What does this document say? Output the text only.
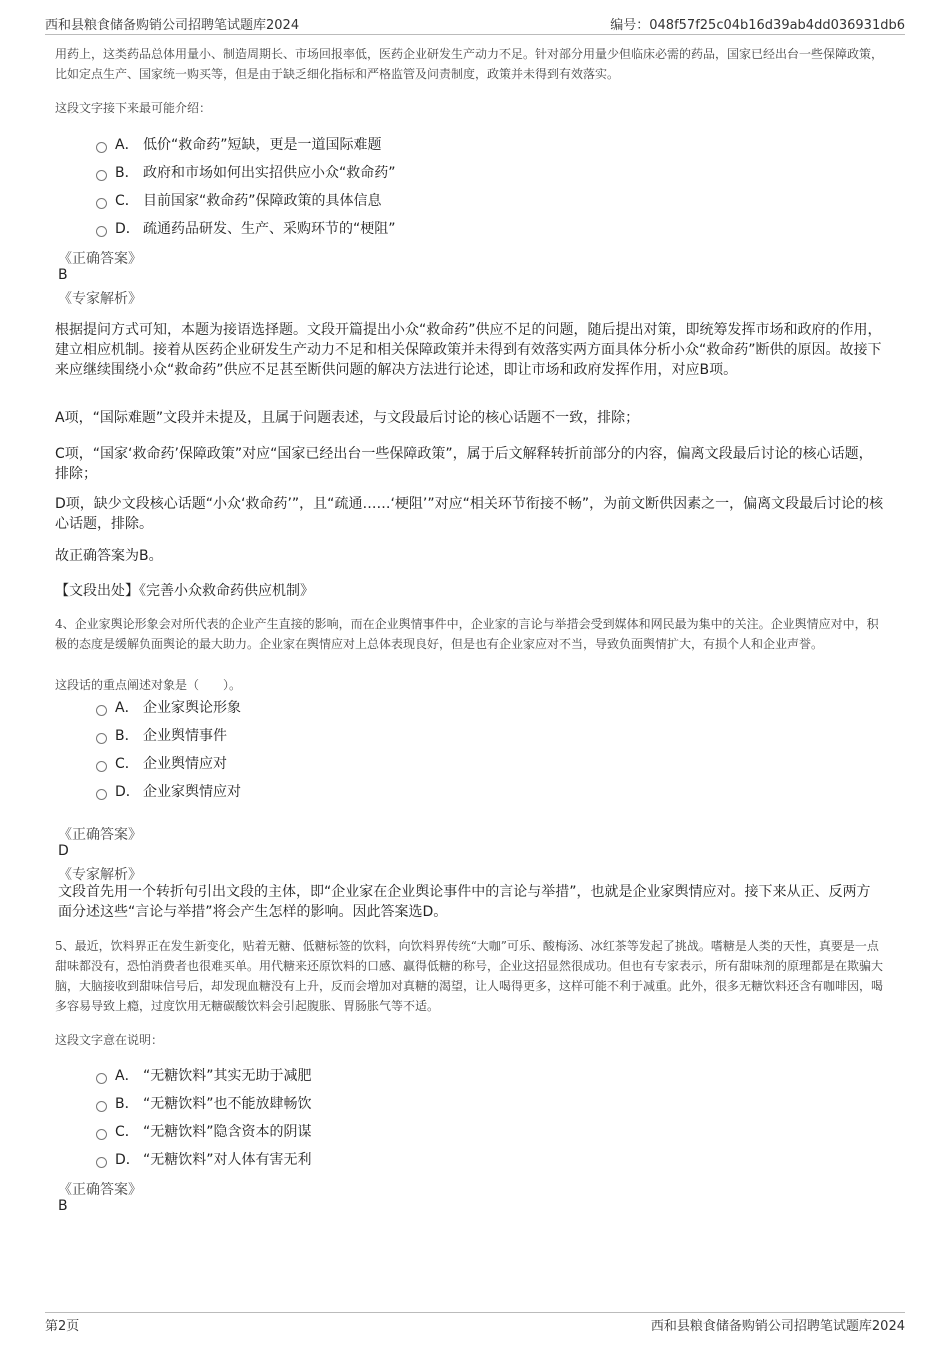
西和县粮食储备购销公司招聘笔试题库2024	编号：048f57f25c04b16d39ab4dd036931db6
用药上，这类药品总体用量小、制造周期长、市场回报率低，医药企业研发生产动力不足。针对部分用量少但临床必需的药品，国家已经出台一些保障政策，比如定点生产、国家统一购买等，但是由于缺乏细化指标和严格监管及问责制度，政策并未得到有效落实。
这段文字接下来最可能介绍：
A． 低价“救命药”短缺，更是一道国际难题
B． 政府和市场如何出实招供应小众“救命药”
C． 目前国家“救命药”保障政策的具体信息
D． 疏通药品研发、生产、采购环节的“梗阻”
《正确答案》
B
《专家解析》
根据提问方式可知，本题为接语选择题。文段开篇提出小众“救命药”供应不足的问题，随后提出对策，即统筹发挥市场和政府的作用，建立相应机制。接着从医药企业研发生产动力不足和相关保障政策并未得到有效落实两方面具体分析小众“救命药”断供的原因。故接下来应继续围绕小众“救命药”供应不足甚至断供问题的解决方法进行论述，即让市场和政府发挥作用，对应B项。
A项，“国际难题”文段并未提及，且属于问题表述，与文段最后讨论的核心话题不一致，排除；
C项，“国家‘救命药’保障政策”对应“国家已经出台一些保障政策”，属于后文解释转折前部分的内容，偏离文段最后讨论的核心话题，排除；
D项，缺少文段核心话题“小众‘救命药’”，且“疏通……‘梗阻’”对应“相关环节衔接不畅”，为前文断供因素之一，偏离文段最后讨论的核心话题，排除。
故正确答案为B。
【文段出处】《完善小众救命药供应机制》
4、企业家舆论形象会对所代表的企业产生直接的影响，而在企业舆情事件中，企业家的言论与举措会受到媒体和网民最为集中的关注。企业舆情应对中，积极的态度是缓解负面舆论的最大助力。企业家在舆情应对上总体表现良好，但是也有企业家应对不当，导致负面舆情扩大，有损个人和企业声誉。
这段话的重点阐述对象是（　　）。
A． 企业家舆论形象
B． 企业舆情事件
C． 企业舆情应对
D． 企业家舆情应对
《正确答案》
D
《专家解析》
文段首先用一个转折句引出文段的主体，即“企业家在企业舆论事件中的言论与举措”，也就是企业家舆情应对。接下来从正、反两方面分述这些“言论与举措”将会产生怎样的影响。因此答案选D。
5、最近，饮料界正在发生新变化，贴着无糖、低糖标签的饮料，向饮料界传统“大咖”可乐、酸梅汤、冰红茶等发起了挑战。嗜糖是人类的天性，真要是一点甜味都没有，恐怕消费者也很难买单。用代糖来还原饮料的口感、赢得低糖的称号，企业这招显然很成功。但也有专家表示，所有甜味剂的原理都是在欺骗大脑，大脑接收到甜味信号后，却发现血糖没有上升，反而会增加对真糖的渴望，让人喝得更多，这样可能不利于减重。此外，很多无糖饮料还含有咖啡因，喝多容易导致上瘾，过度饮用无糖碳酸饮料会引起腹胀、胃肠胀气等不适。
这段文字意在说明：
A． “无糖饮料”其实无助于减肥
B． “无糖饮料”也不能放肆畅饮
C． “无糖饮料”隐含资本的阴谋
D． “无糖饮料”对人体有害无利
《正确答案》
B
第2页	西和县粮食储备购销公司招聘笔试题库2024
